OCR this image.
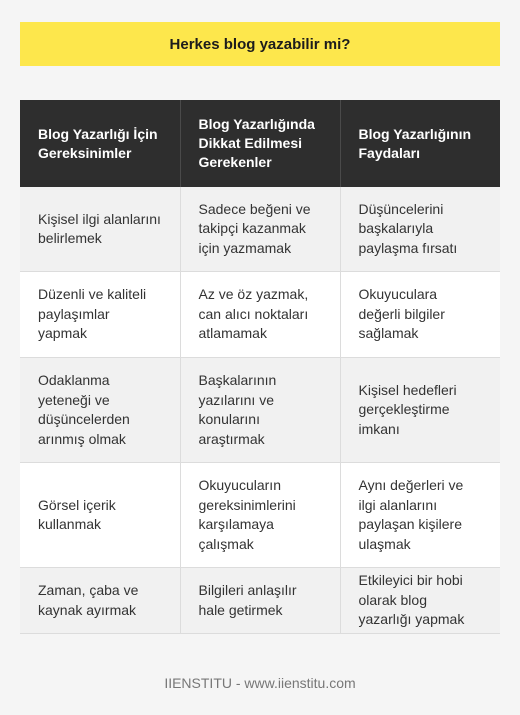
Herkes blog yazabilir mi?
Blog Yazarlığı İçin Gereksinimler	Blog Yazarlığında Dikkat Edilmesi Gerekenler	Blog Yazarlığının Faydaları
Kişisel ilgi alanlarını belirlemek	Sadece beğeni ve takipçi kazanmak için yazmamak	Düşüncelerini başkalarıyla paylaşma fırsatı
Düzenli ve kaliteli paylaşımlar yapmak	Az ve öz yazmak, can alıcı noktaları atlamamak	Okuyuculara değerli bilgiler sağlamak
Odaklanma yeteneği ve düşüncelerden arınmış olmak	Başkalarının yazılarını ve konularını araştırmak	Kişisel hedefleri gerçekleştirme imkanı
Görsel içerik kullanmak	Okuyucuların gereksinimlerini karşılamaya çalışmak	Aynı değerleri ve ilgi alanlarını paylaşan kişilere ulaşmak
Zaman, çaba ve kaynak ayırmak	Bilgileri anlaşılır hale getirmek	Etkileyici bir hobi olarak blog yazarlığı yapmak
IIENSTITU - www.iienstitu.com
